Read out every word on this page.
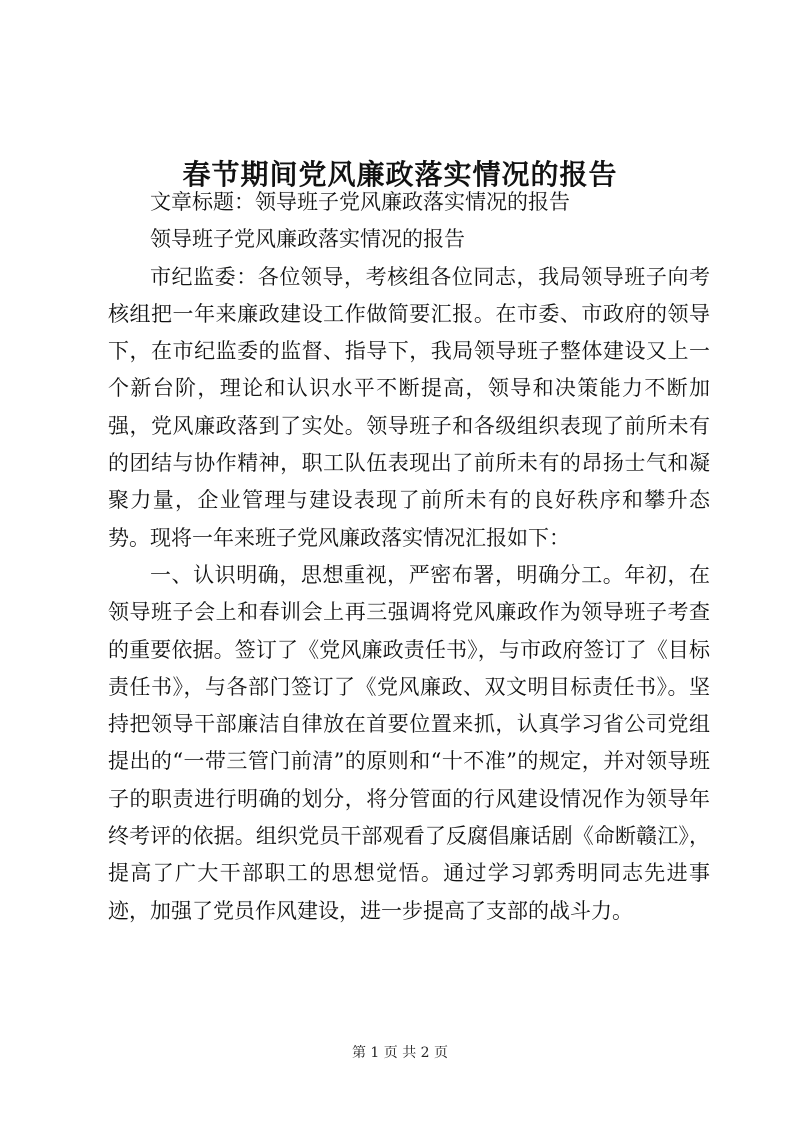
春节期间党风廉政落实情况的报告

文章标题：领导班子党风廉政落实情况的报告

领导班子党风廉政落实情况的报告

市纪监委：各位领导，考核组各位同志，我局领导班子向考核组把一年来廉政建设工作做简要汇报。在市委、市政府的领导下，在市纪监委的监督、指导下，我局领导班子整体建设又上一个新台阶，理论和认识水平不断提高，领导和决策能力不断加强，党风廉政落到了实处。领导班子和各级组织表现了前所未有的团结与协作精神，职工队伍表现出了前所未有的昂扬士气和凝聚力量，企业管理与建设表现了前所未有的良好秩序和攀升态势。现将一年来班子党风廉政落实情况汇报如下：

一、认识明确，思想重视，严密布署，明确分工。年初，在领导班子会上和春训会上再三强调将党风廉政作为领导班子考查的重要依据。签订了《党风廉政责任书》，与市政府签订了《目标责任书》，与各部门签订了《党风廉政、双文明目标责任书》。坚持把领导干部廉洁自律放在首要位置来抓，认真学习省公司党组提出的“一带三管门前清”的原则和“十不准”的规定，并对领导班子的职责进行明确的划分，将分管面的行风建设情况作为领导年终考评的依据。组织党员干部观看了反腐倡廉话剧《命断赣江》，提高了广大干部职工的思想觉悟。通过学习郭秀明同志先进事迹，加强了党员作风建设，进一步提高了支部的战斗力。

第 1 页 共 2 页
